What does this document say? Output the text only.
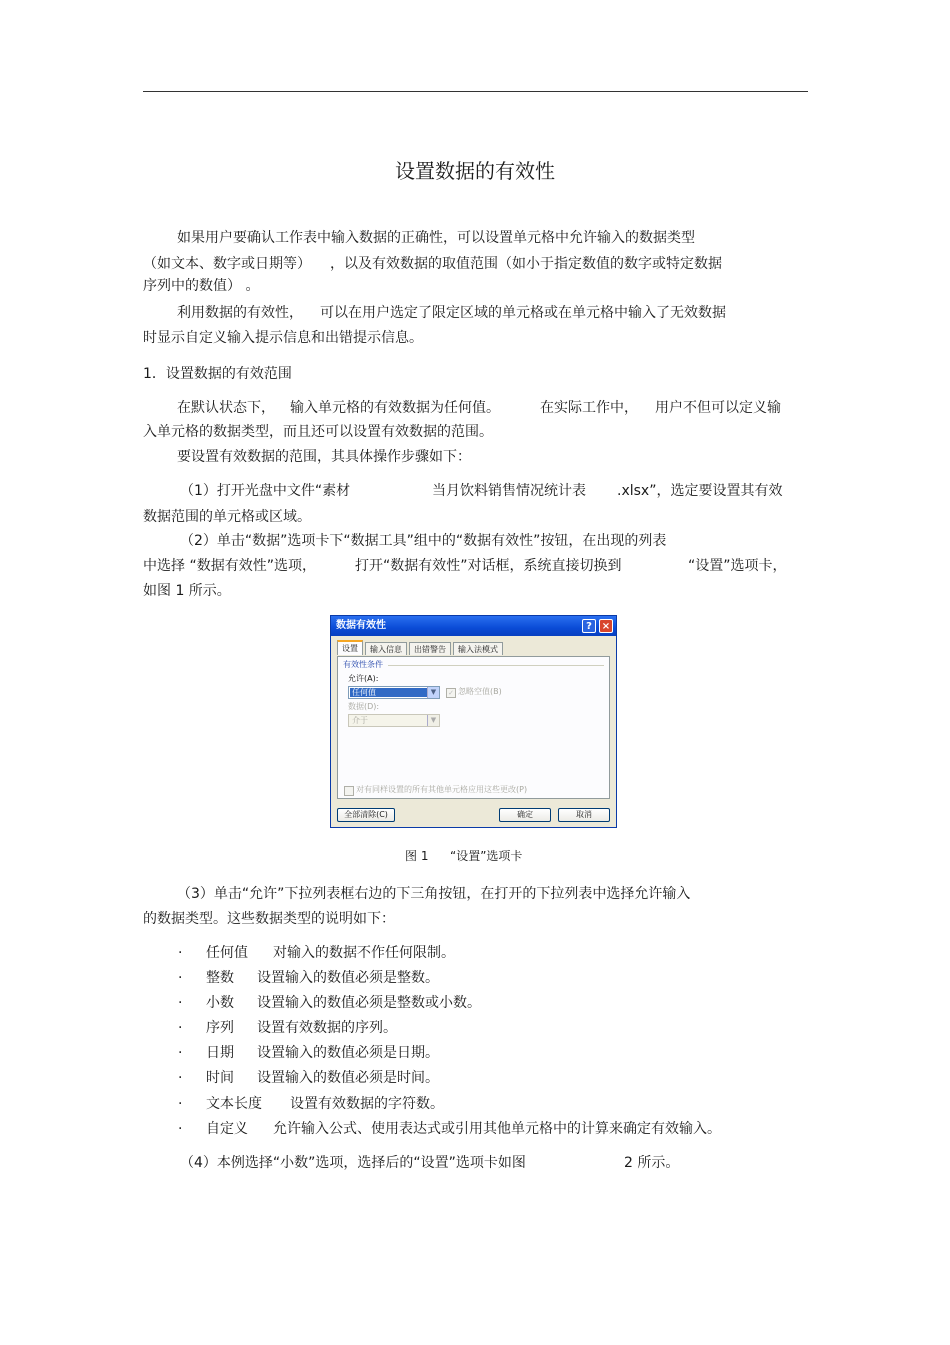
设置数据的有效性
如果用户要确认工作表中输入数据的正确性，可以设置单元格中允许输入的数据类型
（如文本、数字或日期等） ，以及有效数据的取值范围（如小于指定数值的数字或特定数据
序列中的数值） 。
利用数据的有效性， 可以在用户选定了限定区域的单元格或在单元格中输入了无效数据
时显示自定义输入提示信息和出错提示信息。
1．设置数据的有效范围
在默认状态下， 输入单元格的有效数据为任何值。	在实际工作中， 用户不但可以定义输
入单元格的数据类型，而且还可以设置有效数据的范围。
要设置有效数据的范围，其具体操作步骤如下：
（1）打开光盘中文件“素材	当月饮料销售情况统计表 .xlsx”，选定要设置其有效
数据范围的单元格或区域。
（2）单击“数据”选项卡下“数据工具”组中的“数据有效性”按钮，在出现的列表
中选择 “数据有效性”选项，	打开“数据有效性”对话框，系统直接切换到	“设置”选项卡，
如图 1 所示。
数据有效性	? ×
设置	输入信息	出错警告	输入法模式
有效性条件
允许(A):
任何值	▼	✓ 忽略空值(B)
数据(D):
介于	▼
对有同样设置的所有其他单元格应用这些更改(P)
全部清除(C)	确定	取消
图 1 “设置”选项卡
（3）单击“允许”下拉列表框右边的下三角按钮，在打开的下拉列表中选择允许输入
的数据类型。这些数据类型的说明如下：
· 任何值 对输入的数据不作任何限制。
· 整数 设置输入的数值必须是整数。
· 小数 设置输入的数值必须是整数或小数。
· 序列 设置有效数据的序列。
· 日期 设置输入的数值必须是日期。
· 时间 设置输入的数值必须是时间。
· 文本长度 设置有效数据的字符数。
· 自定义 允许输入公式、使用表达式或引用其他单元格中的计算来确定有效输入。
（4）本例选择“小数”选项，选择后的“设置”选项卡如图	2 所示。
